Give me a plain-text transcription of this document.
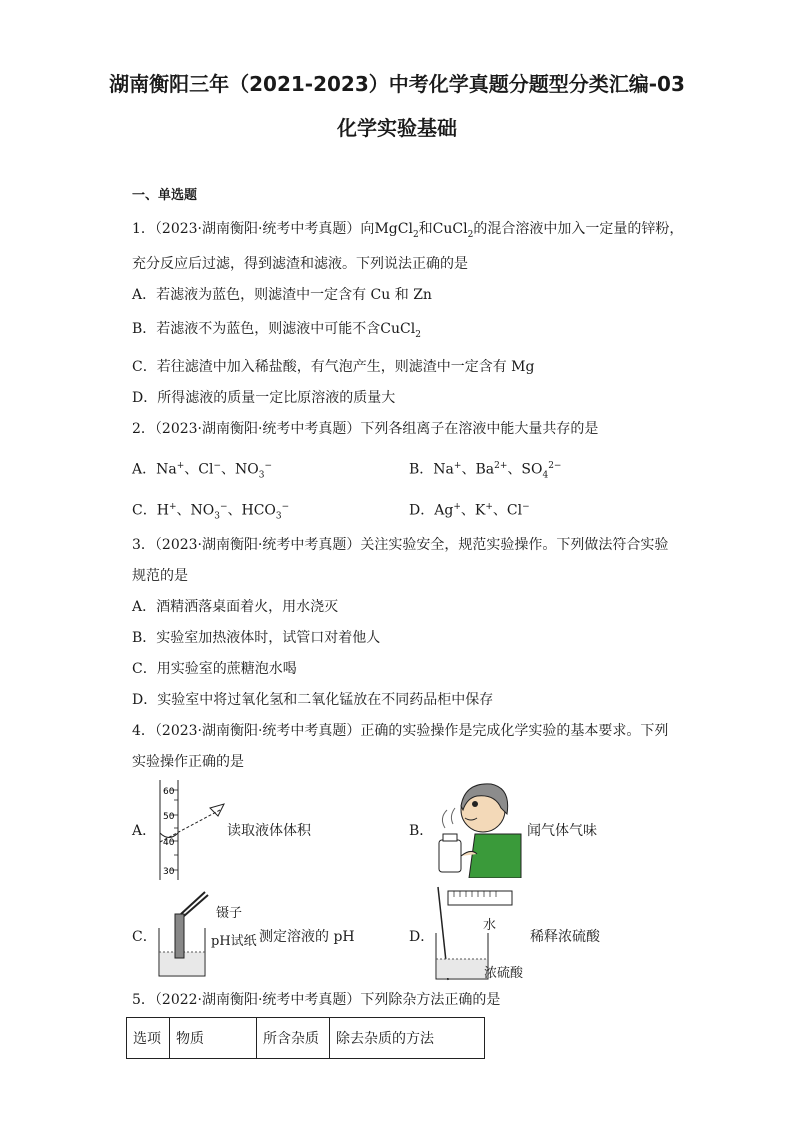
湖南衡阳三年（2021-2023）中考化学真题分题型分类汇编-03
化学实验基础
一、单选题
1．（2023·湖南衡阳·统考中考真题）向MgCl$_2$和CuCl$_2$的混合溶液中加入一定量的锌粉，
充分反应后过滤，得到滤渣和滤液。下列说法正确的是
A．若滤液为蓝色，则滤渣中一定含有 Cu 和 Zn
B．若滤液不为蓝色，则滤液中可能不含CuCl$_2$
C．若往滤渣中加入稀盐酸，有气泡产生，则滤渣中一定含有 Mg
D．所得滤液的质量一定比原溶液的质量大
2．（2023·湖南衡阳·统考中考真题）下列各组离子在溶液中能大量共存的是
A．Na+、Cl−、$NO_3^-$	B．Na+、$Ba^{2+}$、$SO_4^{2-}$
C．H+、$NO_3^-$、$HCO_3^-$	D．Ag+、K+、Cl−
3．（2023·湖南衡阳·统考中考真题）关注实验安全，规范实验操作。下列做法符合实验
规范的是
A．酒精洒落桌面着火，用水浇灭
B．实验室加热液体时，试管口对着他人
C．用实验室的蔗糖泡水喝
D．实验室中将过氧化氢和二氧化锰放在不同药品柜中保存
4．（2023·湖南衡阳·统考中考真题）正确的实验操作是完成化学实验的基本要求。下列
实验操作正确的是
A．
60
50
40
30
读取液体体积	B．	闻气体气味
C．
镊子
pH试纸 测定溶液的 pH	D．
水
稀释浓硫酸
浓硫酸
5．（2022·湖南衡阳·统考中考真题）下列除杂方法正确的是
选项	物质	所含杂质	除去杂质的方法
